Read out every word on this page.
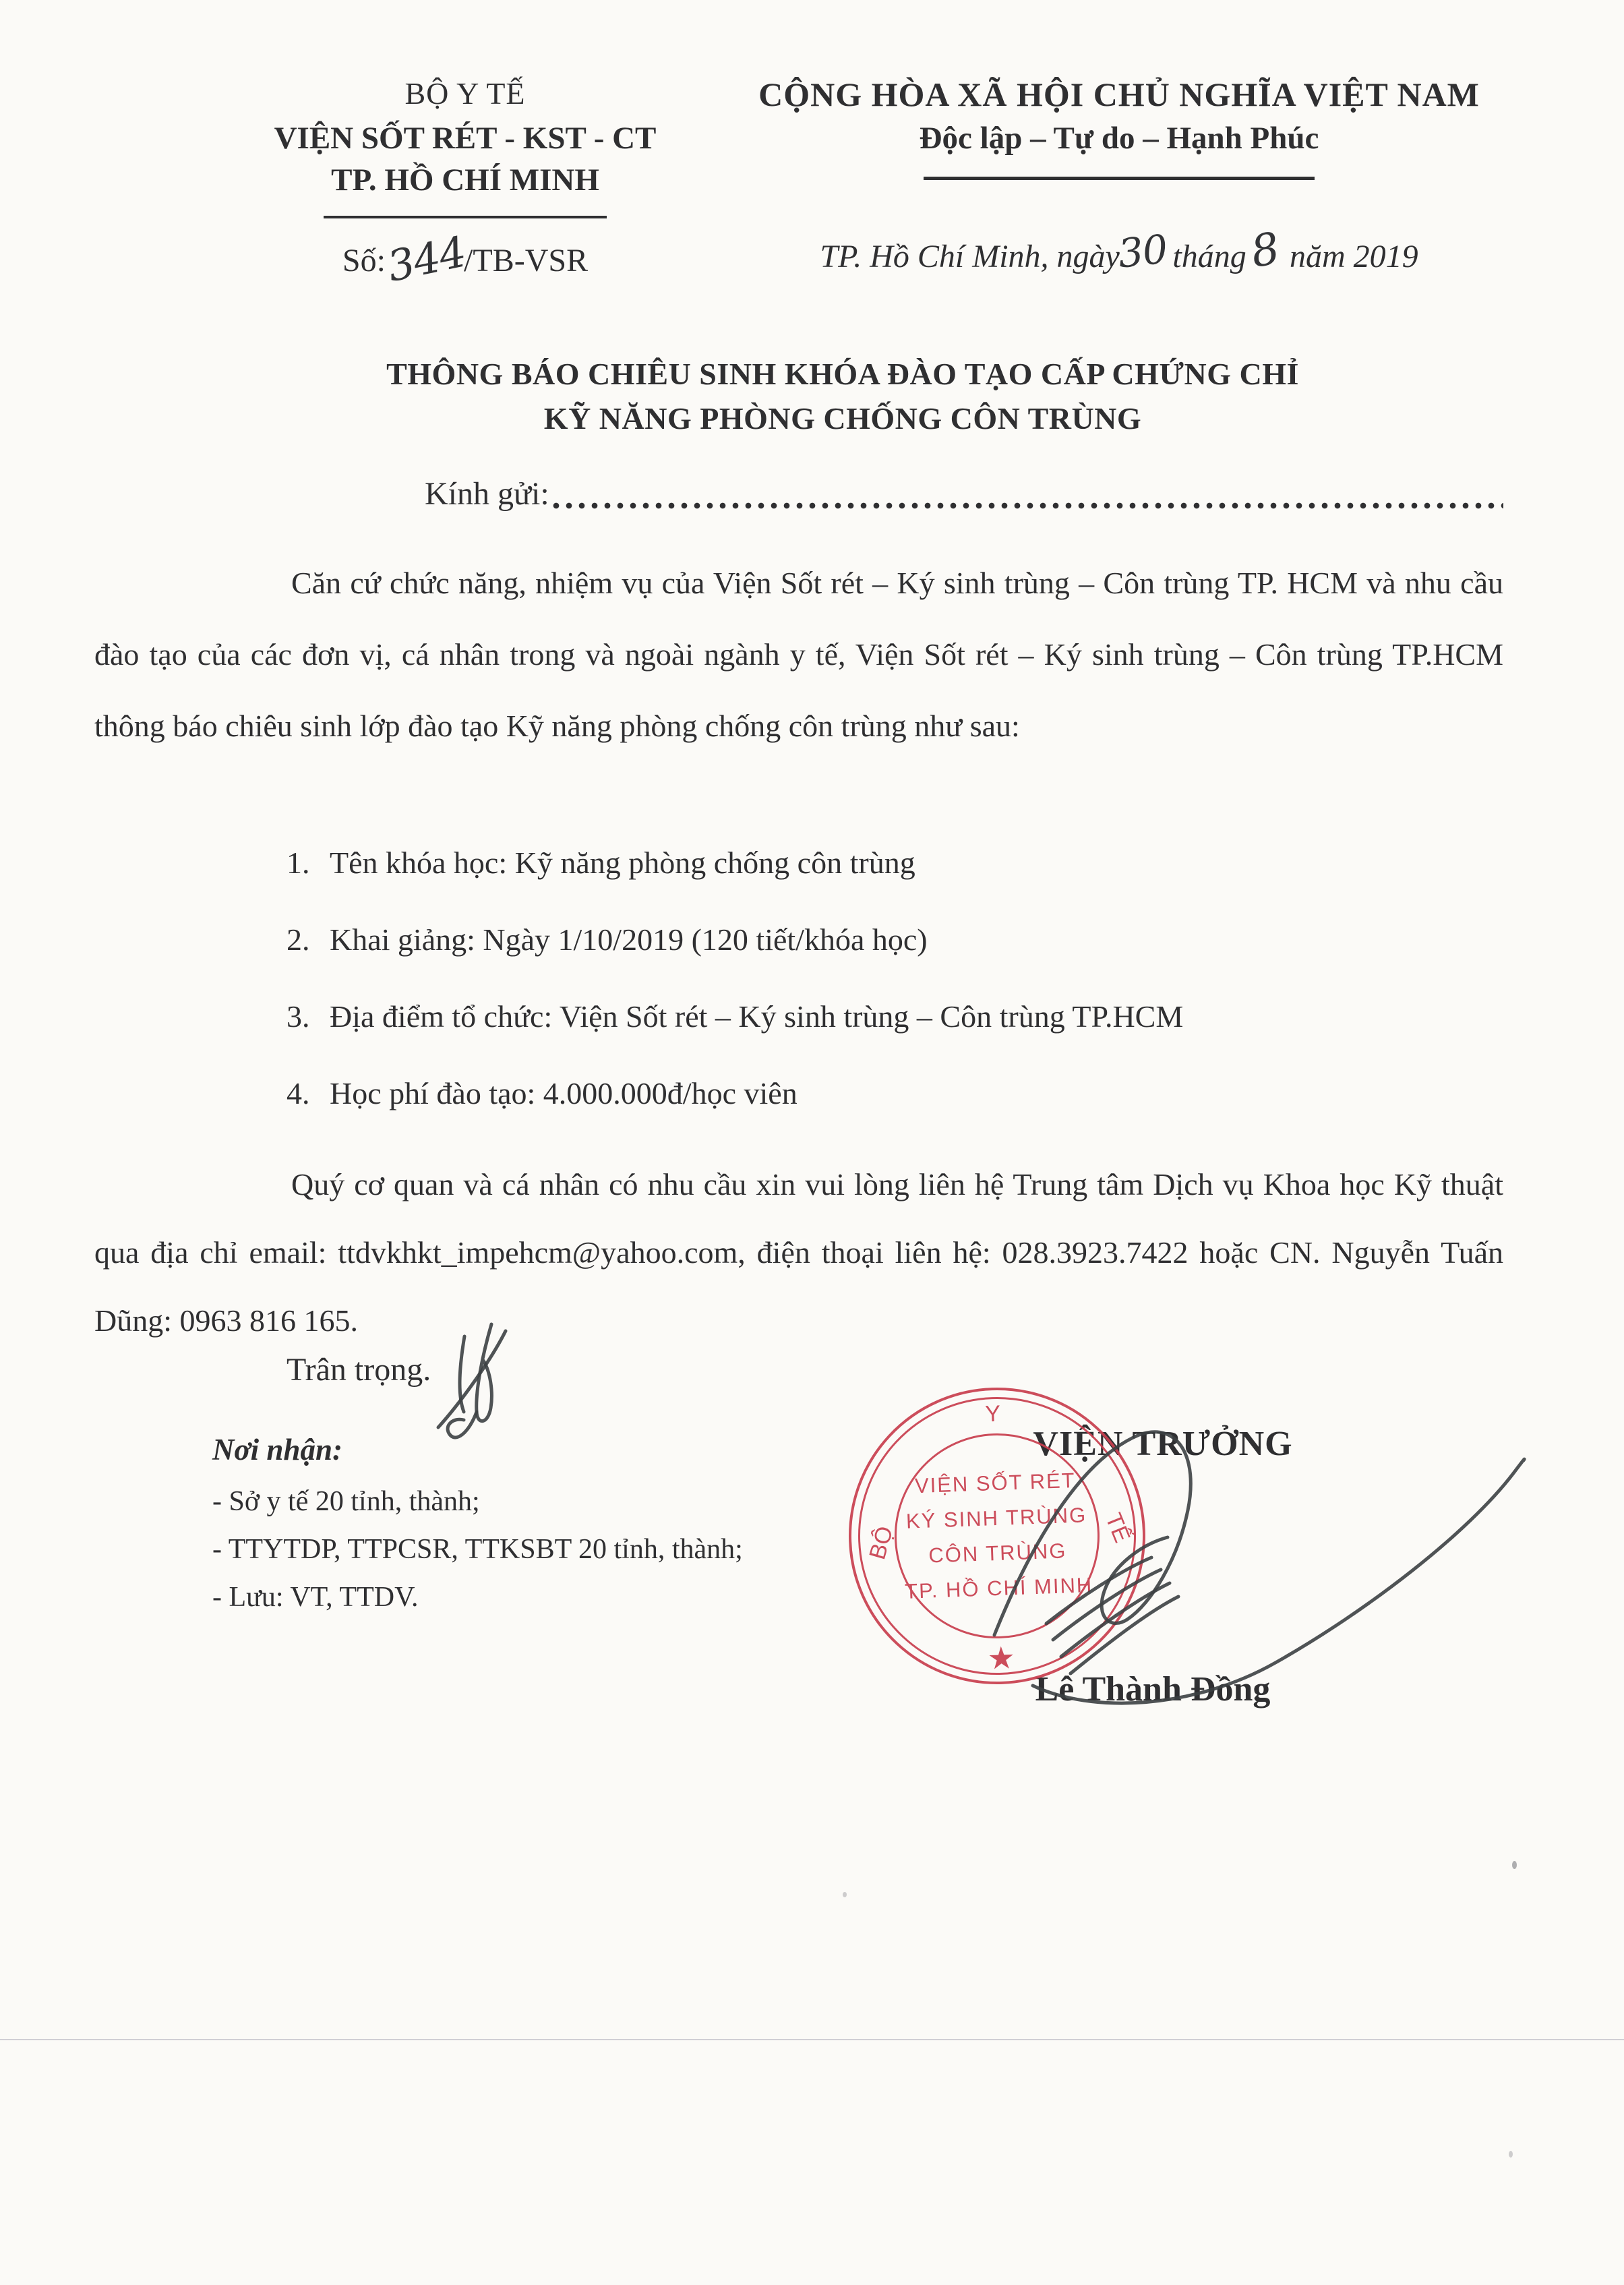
BỘ Y TẾ
VIỆN SỐT RÉT - KST - CT
TP. HỒ CHÍ MINH
Số:344/TB-VSR
CỘNG HÒA XÃ HỘI CHỦ NGHĨA VIỆT NAM
Độc lập – Tự do – Hạnh Phúc
TP. Hồ Chí Minh, ngày30 tháng8 năm 2019
THÔNG BÁO CHIÊU SINH KHÓA ĐÀO TẠO CẤP CHỨNG CHỈ
KỸ NĂNG PHÒNG CHỐNG CÔN TRÙNG
Kính gửi:
Căn cứ chức năng, nhiệm vụ của Viện Sốt rét – Ký sinh trùng – Côn trùng TP. HCM và nhu cầu đào tạo của các đơn vị, cá nhân trong và ngoài ngành y tế, Viện Sốt rét – Ký sinh trùng – Côn trùng TP.HCM thông báo chiêu sinh lớp đào tạo Kỹ năng phòng chống côn trùng như sau:
1. Tên khóa học: Kỹ năng phòng chống côn trùng
2. Khai giảng: Ngày 1/10/2019 (120 tiết/khóa học)
3. Địa điểm tổ chức: Viện Sốt rét – Ký sinh trùng – Côn trùng TP.HCM
4. Học phí đào tạo: 4.000.000đ/học viên
Quý cơ quan và cá nhân có nhu cầu xin vui lòng liên hệ Trung tâm Dịch vụ Khoa học Kỹ thuật qua địa chỉ email: ttdvkhkt_impehcm@yahoo.com, điện thoại liên hệ: 028.3923.7422 hoặc CN. Nguyễn Tuấn Dũng: 0963 816 165.
Trân trọng.
Nơi nhận:
- Sở y tế 20 tỉnh, thành;
- TTYTDP, TTPCSR, TTKSBT 20 tỉnh, thành;
- Lưu: VT, TTDV.
VIỆN TRƯỞNG
Lê Thành Đồng
Y
BỘ	TẾ
VIỆN SỐT RÉT
KÝ SINH TRÙNG
CÔN TRÙNG
TP. HỒ CHÍ MINH
★
